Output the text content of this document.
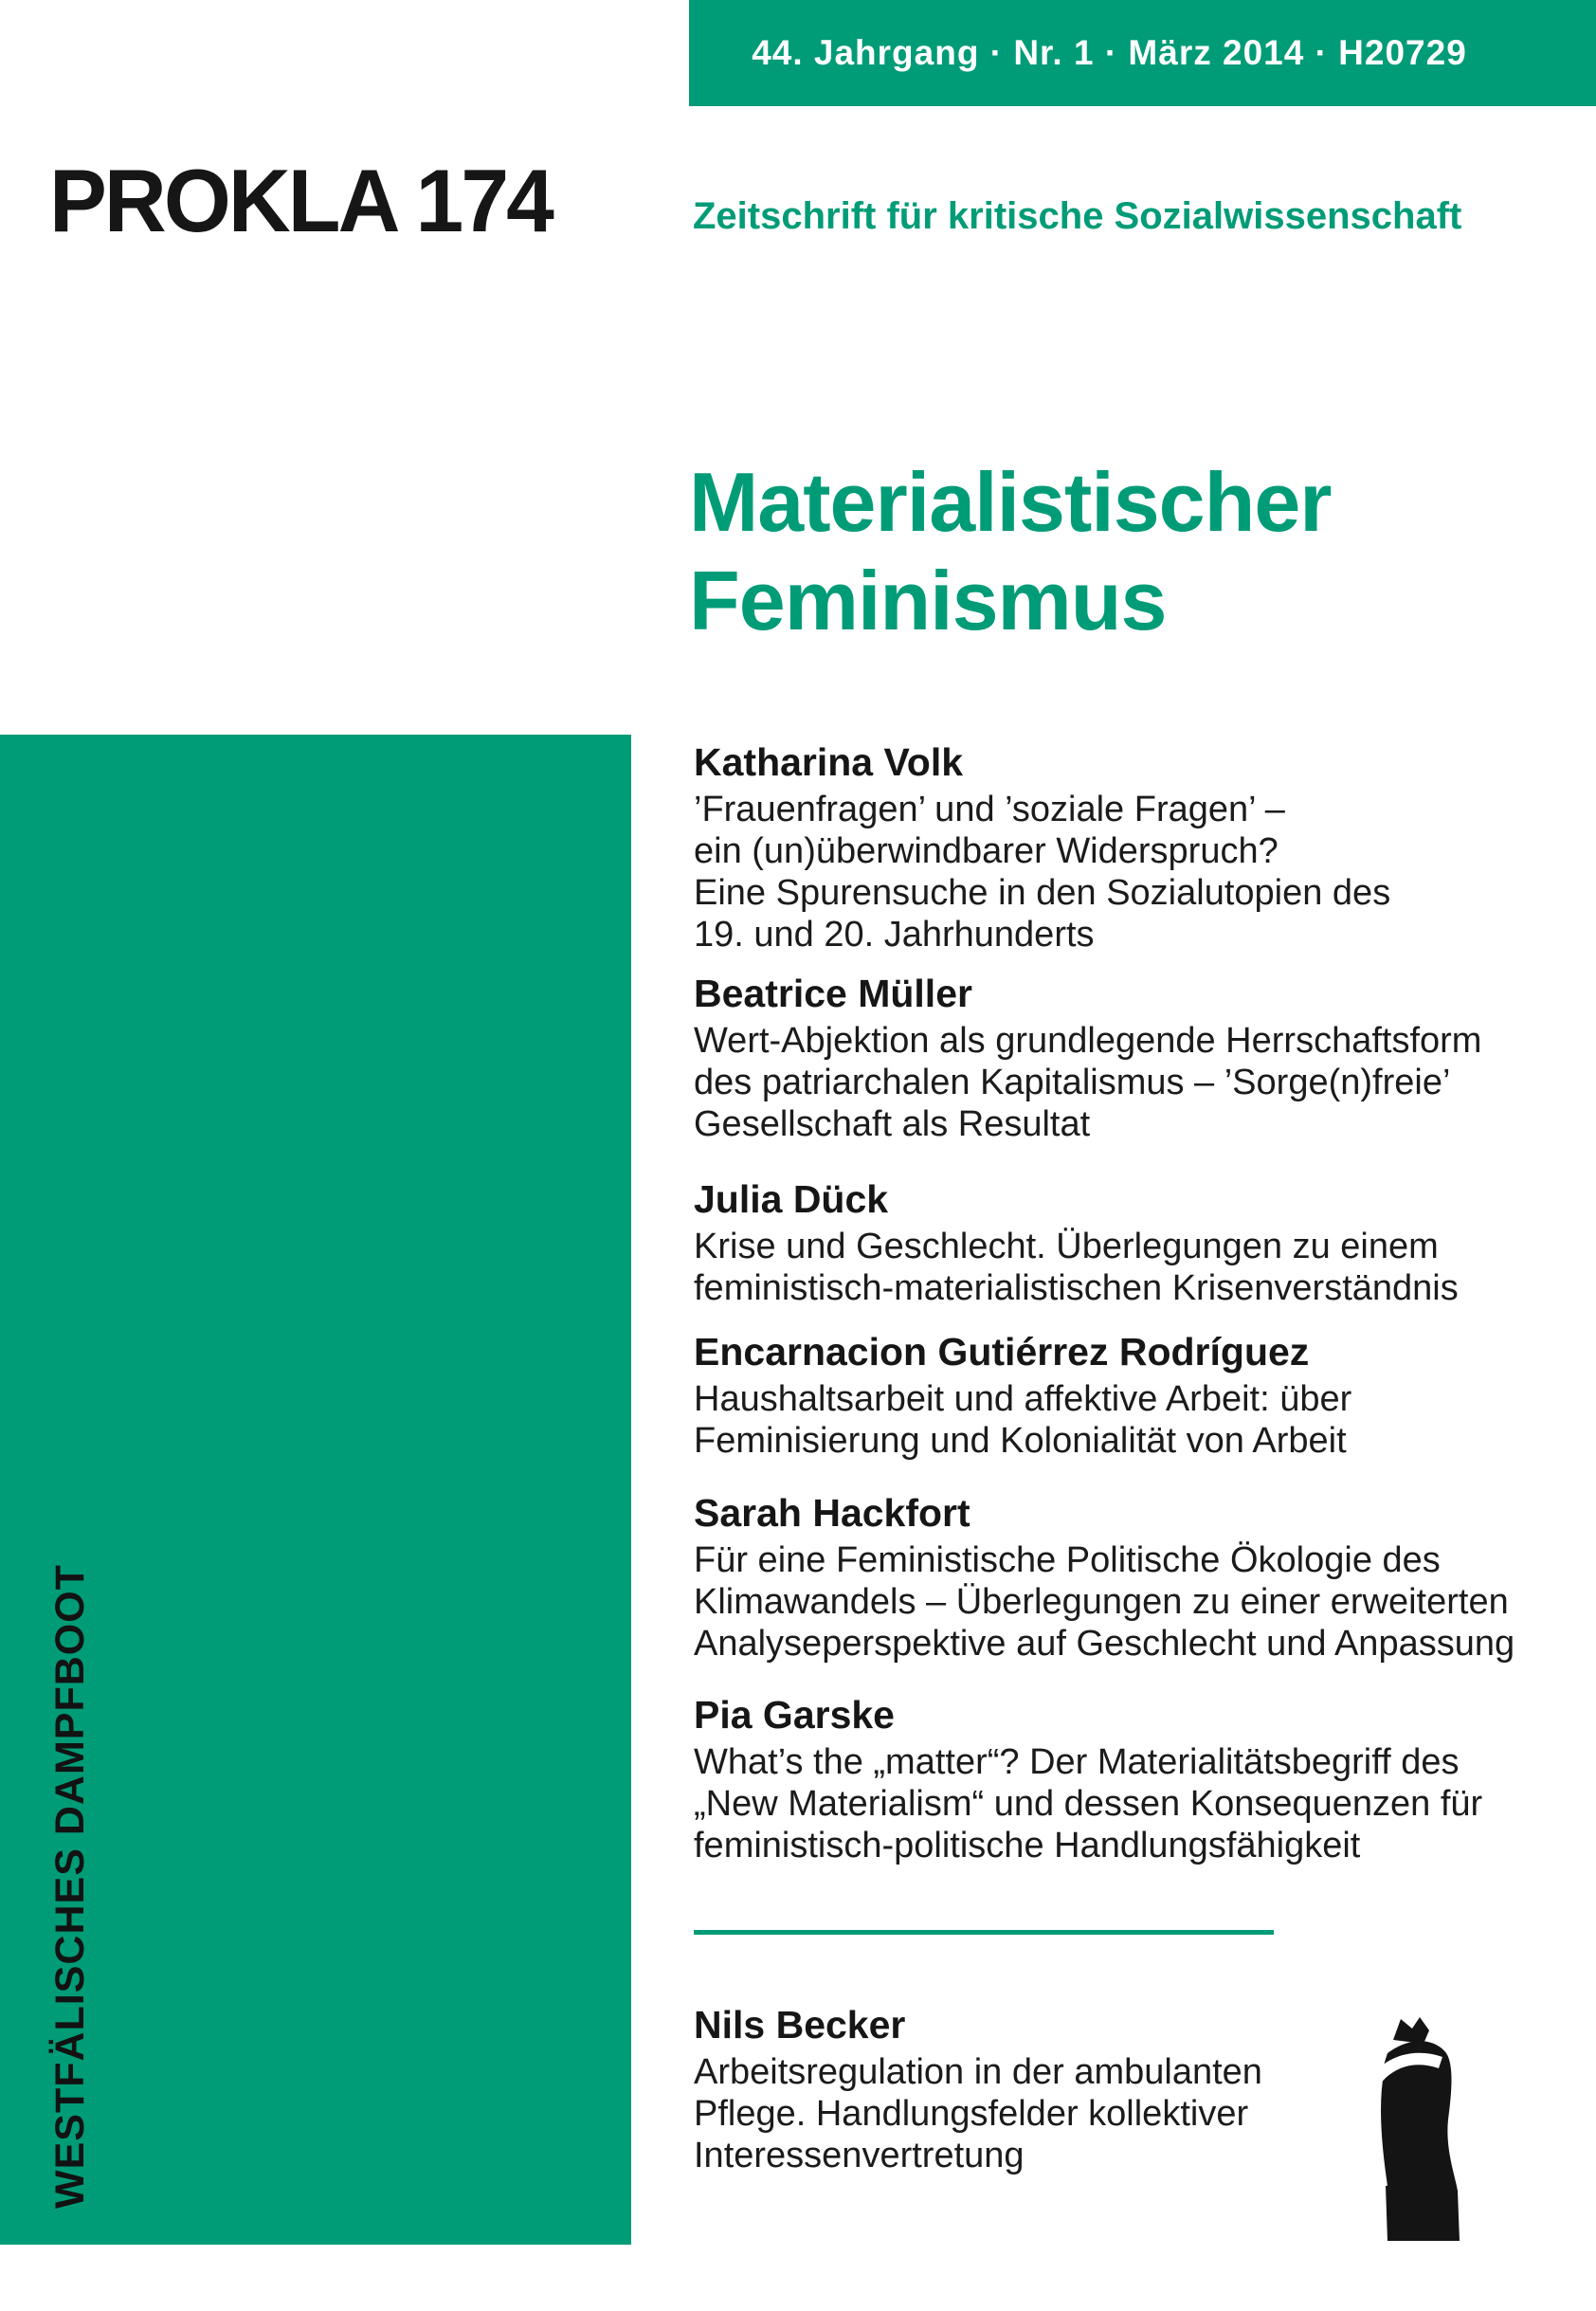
44. Jahrgang · Nr. 1 · März 2014 · H20729
PROKLA 174	Zeitschrift für kritische Sozialwissenschaft
Materialistischer
Feminismus
WESTFÄLISCHES DAMPFBOOT
Katharina Volk
’Frauenfragen’ und ’soziale Fragen’ –
ein (un)überwindbarer Widerspruch?
Eine Spurensuche in den Sozialutopien des
19. und 20. Jahrhunderts
Beatrice Müller
Wert-Abjektion als grundlegende Herrschaftsform
des patriarchalen Kapitalismus – ’Sorge(n)freie’
Gesellschaft als Resultat
Julia Dück
Krise und Geschlecht. Überlegungen zu einem
feministisch-materialistischen Krisenverständnis
Encarnacion Gutiérrez Rodríguez
Haushaltsarbeit und affektive Arbeit: über
Feminisierung und Kolonialität von Arbeit
Sarah Hackfort
Für eine Feministische Politische Ökologie des
Klimawandels – Überlegungen zu einer erweiterten
Analyseperspektive auf Geschlecht und Anpassung
Pia Garske
What’s the „matter“? Der Materialitätsbegriff des
„New Materialism“ und dessen Konsequenzen für
feministisch-politische Handlungsfähigkeit
Nils Becker
Arbeitsregulation in der ambulanten
Pflege. Handlungsfelder kollektiver
Interessenvertretung
